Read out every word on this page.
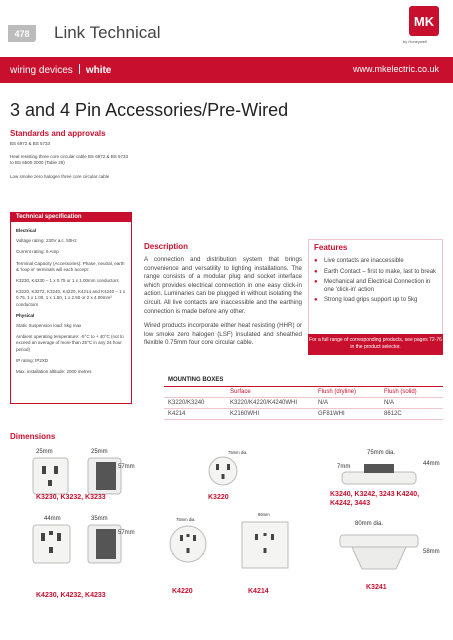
478	Link Technical
MK
by Honeywell
wiring devices white	www.mkelectric.co.uk
3 and 4 Pin Accessories/Pre-Wired
Standards and approvals
BS 6972 & BS 5733
Heat resisting three core circular cable BS 6972 & BS 5733 to BS 6500 2000 (Table 29)
Low smoke zero halogen three core circular cable
Technical specification
Electrical
Voltage rating: 230V a.c. 50Hz
Current rating: 6 Amp
Terminal Capacity (Accessories): Phase, neutral, earth & 'loop in' terminals will each accept:
K3230, K4230 – 1 x 0.75 or 1 x 1.00mm conductors
K3220, K3272, K3240, K4220, K4214 and K4240 – 1 x 0.75, 1 x 1.00, 1 x 1.50, 1 x 2.50 or 2 x 4.00mm² conductors
Physical
Static Suspension load: 5kg max
Ambient operating temperature: -5°C to + 40°C (not to exceed an average of more than 25°C in any 24 hour period)
IP rating: IP2XD
Max. installation altitude: 2000 metres
Description

A connection and distribution system that brings convenience and versatility to lighting installations. The range consists of a modular plug and socket interface which provides electrical connection in one easy click-in action. Luminaries can be plugged in without isolating the circuit. All live contacts are inaccessible and the earthing connection is made before any other.

Wired products incorporate either heat resisting (HHR) or low smoke zero halogen (LSF) insulated and sheathed flexible 0.75mm four core circular cable.

Features
● Live contacts are inaccessible
● Earth Contact – first to make, last to break
● Mechanical and Electrical Connection in one 'click-in' action
● Strong load grips support up to 5kg
For a full range of corresponding products, see pages 72-76 in the product selector.
MOUNTING BOXES
	Surface	Flush (dryline)	Flush (solid)
K3220/K3240	K3220/K4220/K4240WHI	N/A	N/A
K4214	K2160WHI	GF81WHI	8612C
Dimensions
25mm	25mm
57mm
75mm dia.	75mm dia.
7mm	44mm
K3230, K3232, K3233	K3220	K3240, K3242, 3243 K4240, K4242, 3443
44mm	35mm
57mm
75mm dia.
86mm
80mm dia.
58mm
K4230, K4232, K4233
K4220	K4214
K3241
